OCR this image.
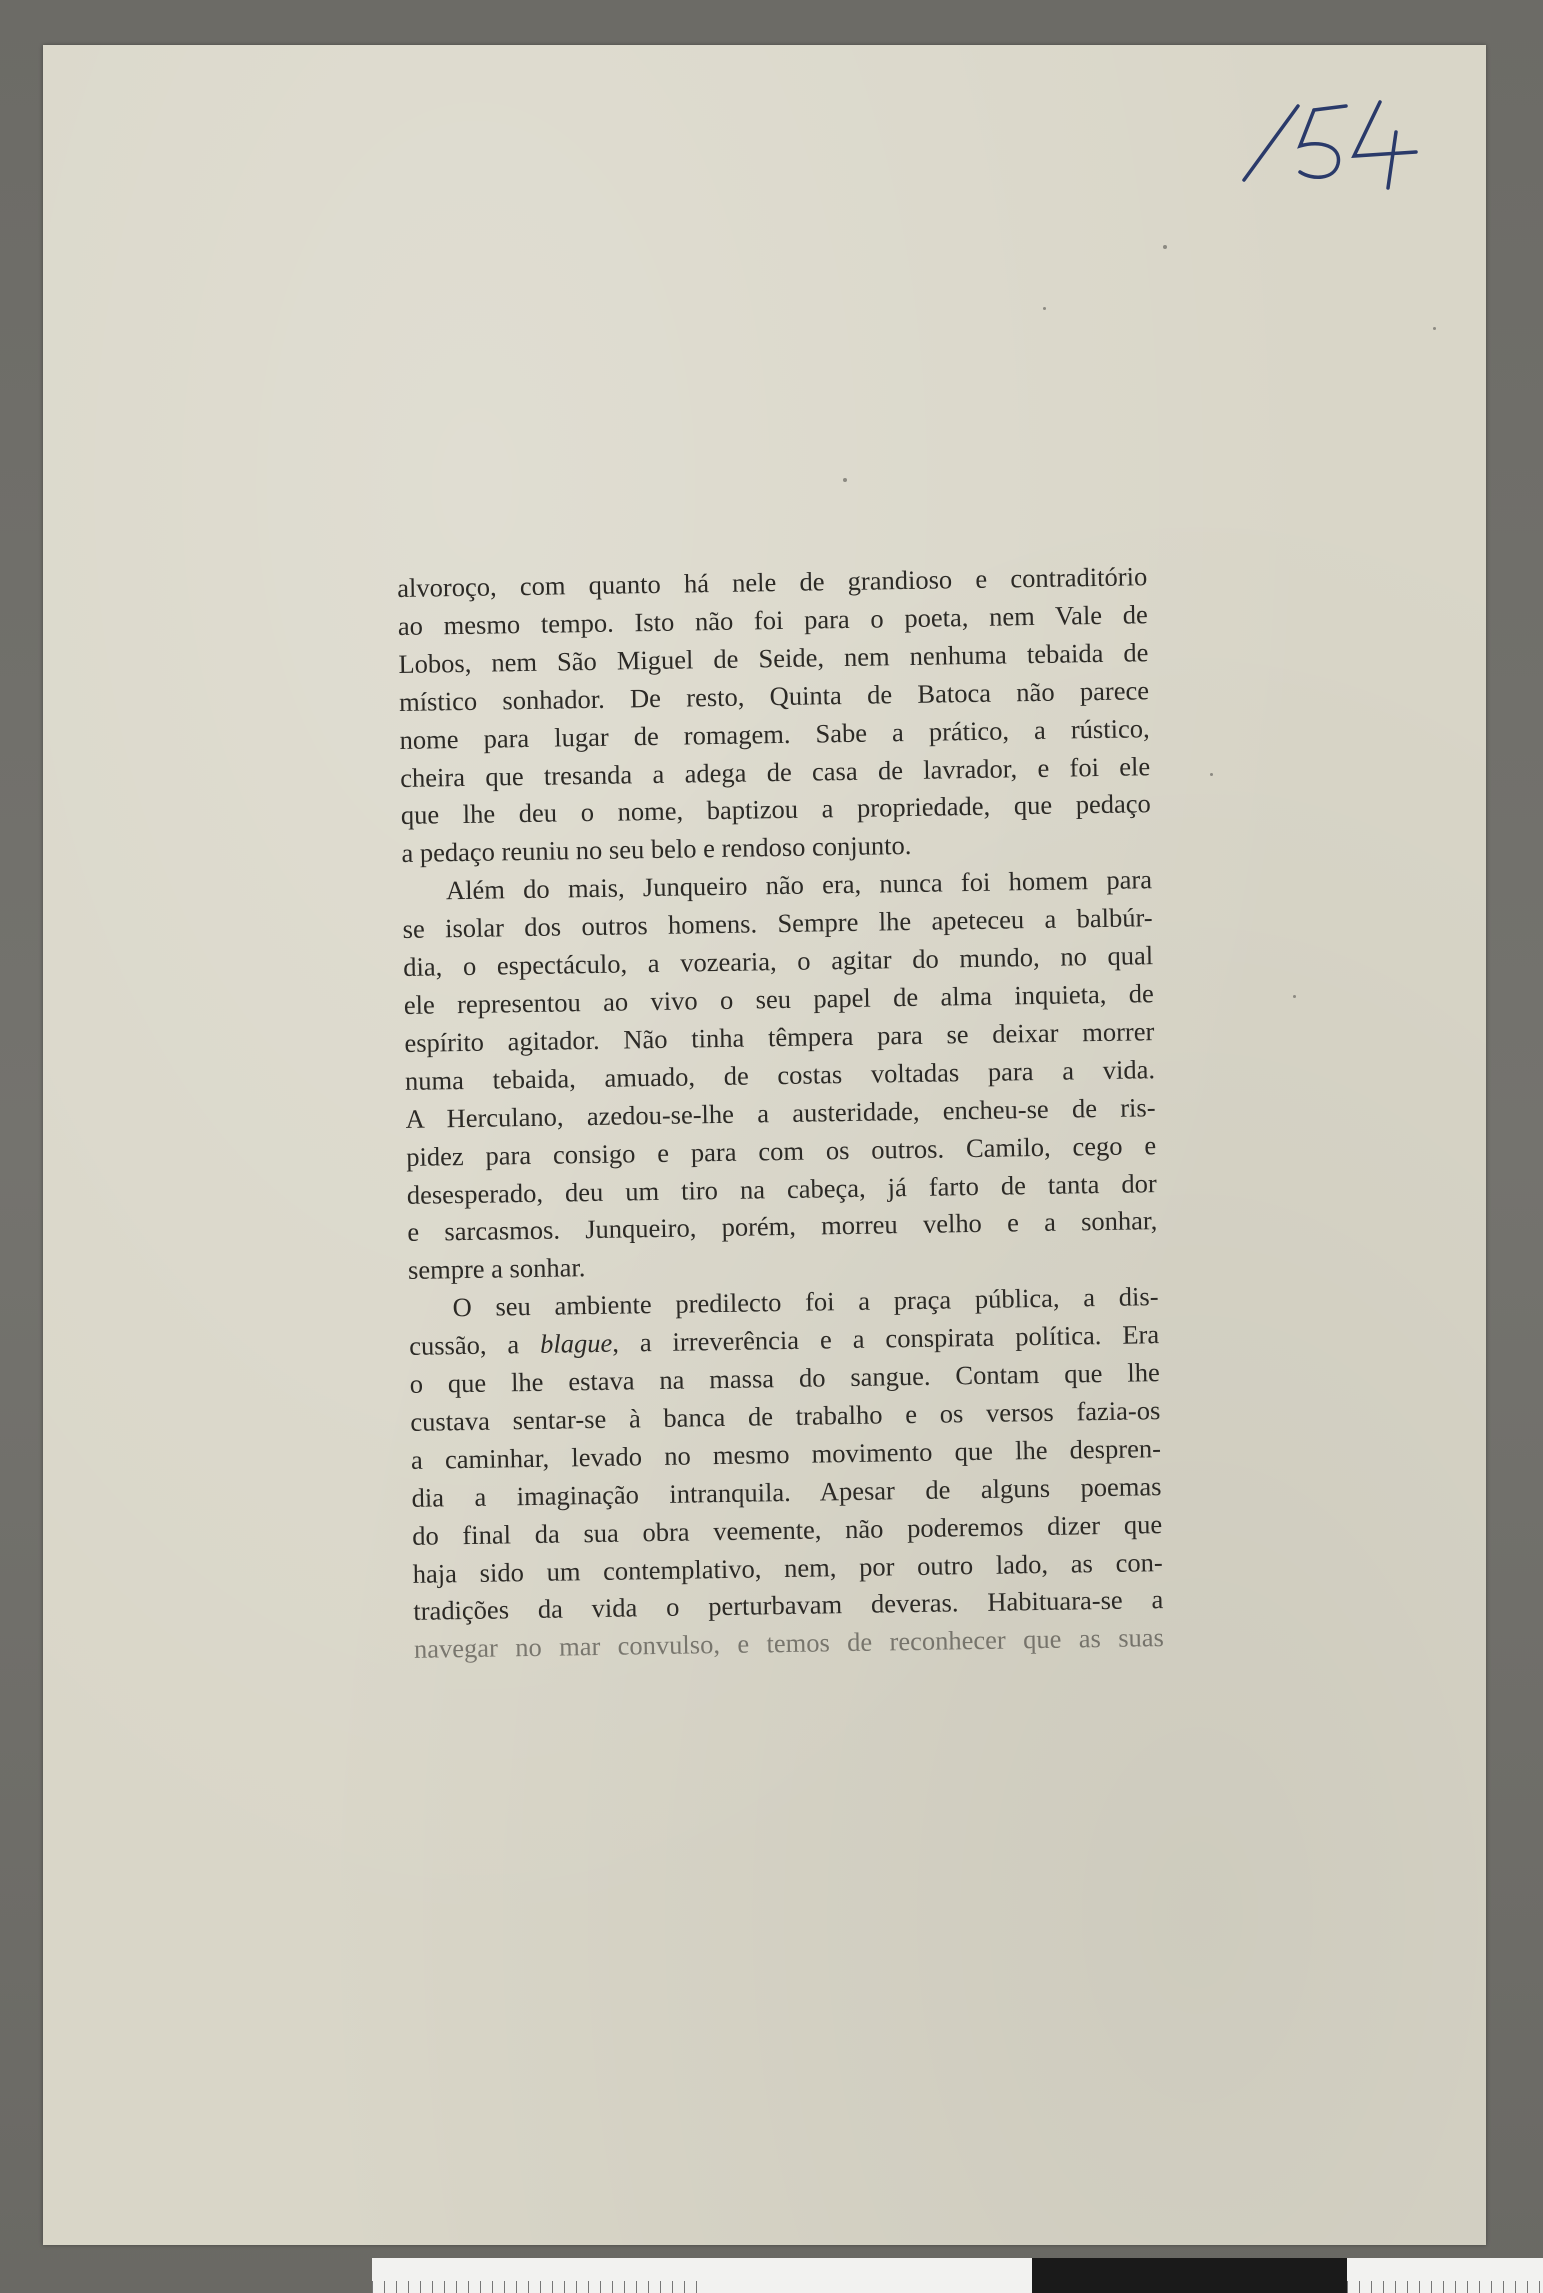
alvoroço, com quanto há nele de grandioso e contraditório
ao mesmo tempo. Isto não foi para o poeta, nem Vale de
Lobos, nem São Miguel de Seide, nem nenhuma tebaida de
místico sonhador. De resto, Quinta de Batoca não parece
nome para lugar de romagem. Sabe a prático, a rústico,
cheira que tresanda a adega de casa de lavrador, e foi ele
que lhe deu o nome, baptizou a propriedade, que pedaço
a pedaço reuniu no seu belo e rendoso conjunto.

Além do mais, Junqueiro não era, nunca foi homem para
se isolar dos outros homens. Sempre lhe apeteceu a balbúr-
dia, o espectáculo, a vozearia, o agitar do mundo, no qual
ele representou ao vivo o seu papel de alma inquieta, de
espírito agitador. Não tinha têmpera para se deixar morrer
numa tebaida, amuado, de costas voltadas para a vida.
A Herculano, azedou-se-lhe a austeridade, encheu-se de ris-
pidez para consigo e para com os outros. Camilo, cego e
desesperado, deu um tiro na cabeça, já farto de tanta dor
e sarcasmos. Junqueiro, porém, morreu velho e a sonhar,
sempre a sonhar.

O seu ambiente predilecto foi a praça pública, a dis-
cussão, a blague, a irreverência e a conspirata política. Era
o que lhe estava na massa do sangue. Contam que lhe
custava sentar-se à banca de trabalho e os versos fazia-os
a caminhar, levado no mesmo movimento que lhe despren-
dia a imaginação intranquila. Apesar de alguns poemas
do final da sua obra veemente, não poderemos dizer que
haja sido um contemplativo, nem, por outro lado, as con-
tradições da vida o perturbavam deveras. Habituara-se a
navegar no mar convulso, e temos de reconhecer que as suas
